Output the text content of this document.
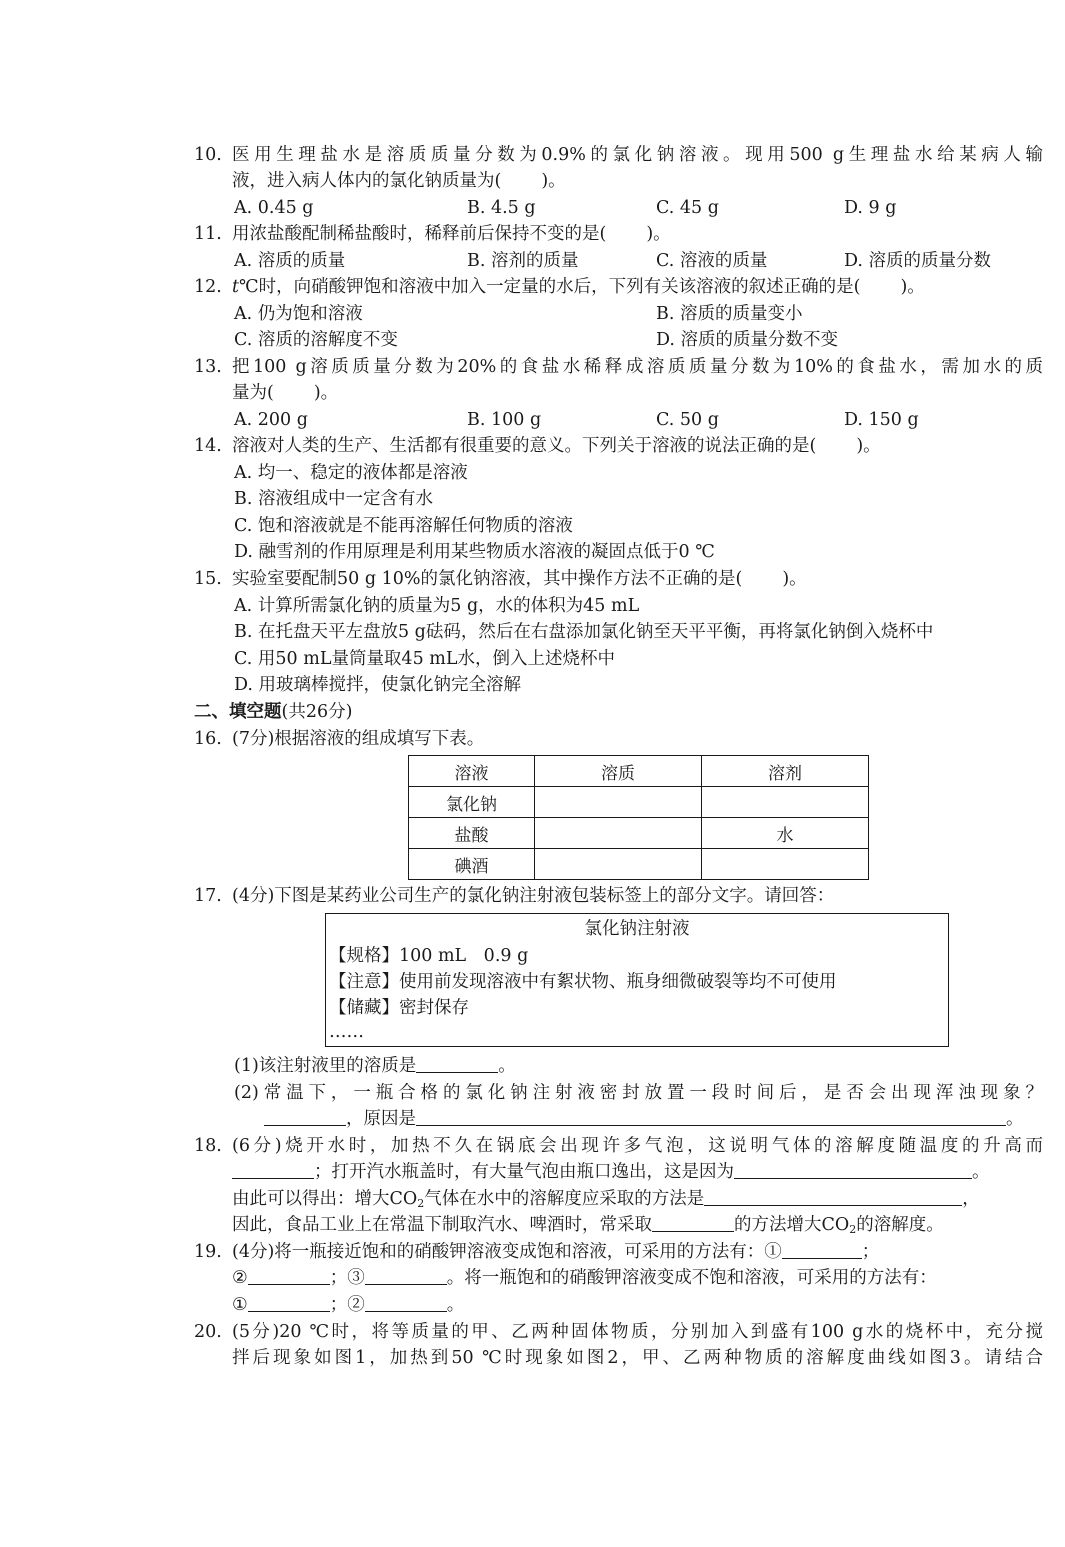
10. 医用生理盐水是溶质质量分数为0.9%的氯化钠溶液。现用500 g生理盐水给某病人输
液，进入病人体内的氯化钠质量为( )。
A. 0.45 g	B. 4.5 g	C. 45 g	D. 9 g
11. 用浓盐酸配制稀盐酸时，稀释前后保持不变的是( )。
A. 溶质的质量	B. 溶剂的质量	C. 溶液的质量	D. 溶质的质量分数
12. t℃时，向硝酸钾饱和溶液中加入一定量的水后，下列有关该溶液的叙述正确的是( )。
A. 仍为饱和溶液	B. 溶质的质量变小
C. 溶质的溶解度不变	D. 溶质的质量分数不变
13. 把100 g溶质质量分数为20%的食盐水稀释成溶质质量分数为10%的食盐水，需加水的质
量为( )。
A. 200 g	B. 100 g	C. 50 g	D. 150 g
14. 溶液对人类的生产、生活都有很重要的意义。下列关于溶液的说法正确的是( )。
A. 均一、稳定的液体都是溶液
B. 溶液组成中一定含有水
C. 饱和溶液就是不能再溶解任何物质的溶液
D. 融雪剂的作用原理是利用某些物质水溶液的凝固点低于0 ℃
15. 实验室要配制50 g 10%的氯化钠溶液，其中操作方法不正确的是( )。
A. 计算所需氯化钠的质量为5 g，水的体积为45 mL
B. 在托盘天平左盘放5 g砝码，然后在右盘添加氯化钠至天平平衡，再将氯化钠倒入烧杯中
C. 用50 mL量筒量取45 mL水，倒入上述烧杯中
D. 用玻璃棒搅拌，使氯化钠完全溶解
二、填空题(共26分)
16. (7分)根据溶液的组成填写下表。
溶液	溶质	溶剂
氯化钠		
盐酸		水
碘酒		
17. (4分)下图是某药业公司生产的氯化钠注射液包装标签上的部分文字。请回答：
氯化钠注射液
【规格】100 mL　0.9 g
【注意】使用前发现溶液中有絮状物、瓶身细微破裂等均不可使用
【储藏】密封保存
……
(1)该注射液里的溶质是	。
(2)常温下，一瓶合格的氯化钠注射液密封放置一段时间后，是否会出现浑浊现象？
，原因是	。
18. (6分)烧开水时，加热不久在锅底会出现许多气泡，这说明气体的溶解度随温度的升高而
；打开汽水瓶盖时，有大量气泡由瓶口逸出，这是因为	。
由此可以得出：增大$CO_2$气体在水中的溶解度应采取的方法是	，
因此，食品工业上在常温下制取汽水、啤酒时，常采取	的方法增大$CO_2$的溶解度。
19. (4分)将一瓶接近饱和的硝酸钾溶液变成饱和溶液，可采用的方法有：①	；
②	；③	。将一瓶饱和的硝酸钾溶液变成不饱和溶液，可采用的方法有：
①	；②	。
20. (5分)20 ℃时，将等质量的甲、乙两种固体物质，分别加入到盛有100 g水的烧杯中，充分搅
拌后现象如图1，加热到50 ℃时现象如图2，甲、乙两种物质的溶解度曲线如图3。请结合
